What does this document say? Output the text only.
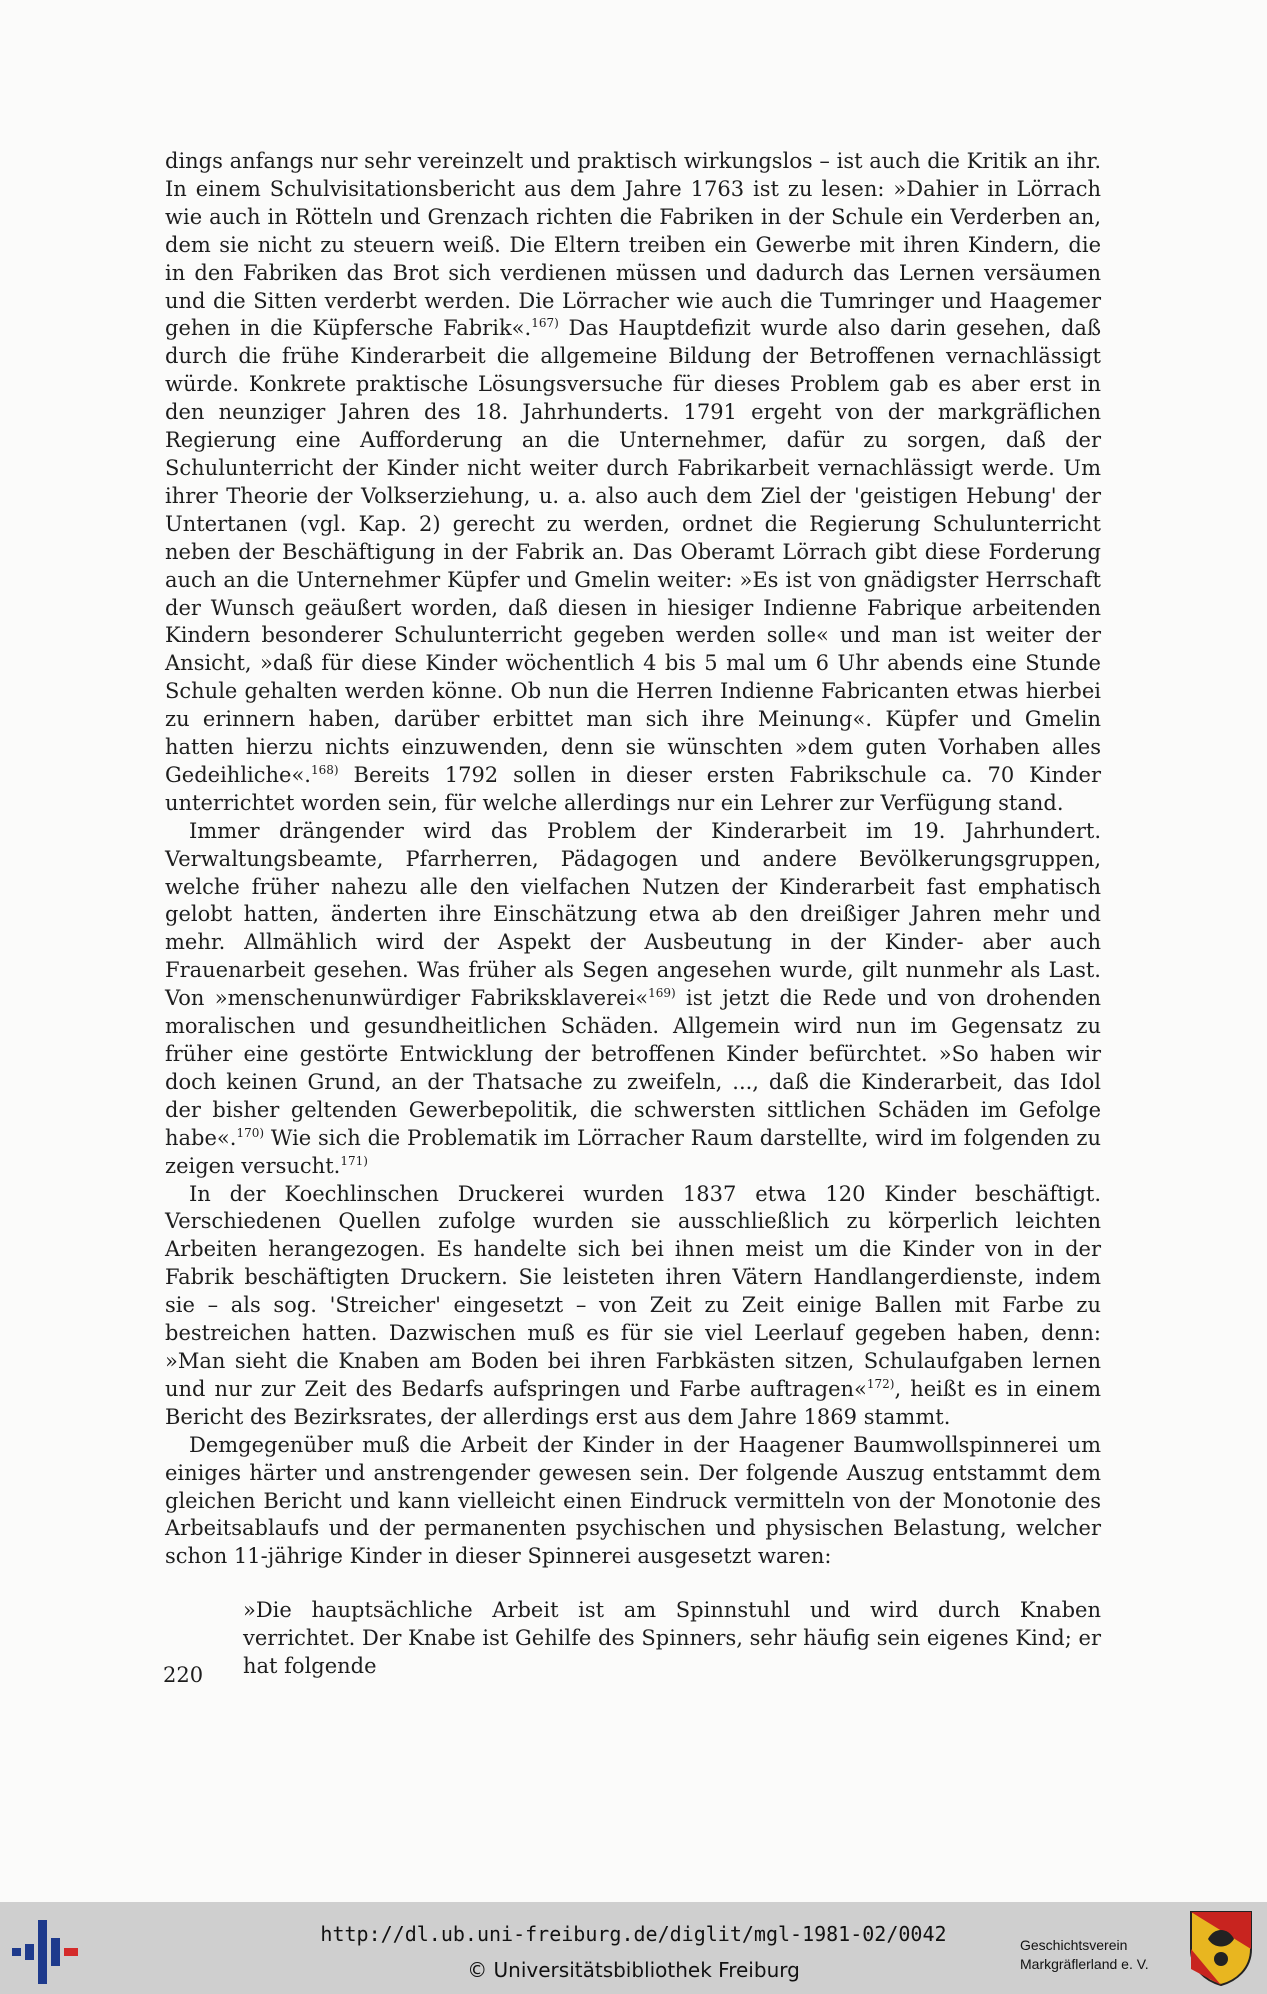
dings anfangs nur sehr vereinzelt und praktisch wirkungslos – ist auch die Kritik an ihr. In einem Schulvisitationsbericht aus dem Jahre 1763 ist zu lesen: »Dahier in Lörrach wie auch in Rötteln und Grenzach richten die Fabriken in der Schule ein Verderben an, dem sie nicht zu steuern weiß. Die Eltern treiben ein Gewerbe mit ihren Kindern, die in den Fabriken das Brot sich verdienen müssen und dadurch das Lernen versäumen und die Sitten verderbt werden. Die Lörracher wie auch die Tumringer und Haagemer gehen in die Küpfersche Fabrik«.$^{167)}$ Das Hauptdefizit wurde also darin gesehen, daß durch die frühe Kinderarbeit die allgemeine Bildung der Betroffenen vernachlässigt würde. Konkrete praktische Lösungsversuche für dieses Problem gab es aber erst in den neunziger Jahren des 18. Jahrhunderts. 1791 ergeht von der markgräflichen Regierung eine Aufforderung an die Unternehmer, dafür zu sorgen, daß der Schulunterricht der Kinder nicht weiter durch Fabrikarbeit vernachlässigt werde. Um ihrer Theorie der Volkserziehung, u. a. also auch dem Ziel der 'geistigen Hebung' der Untertanen (vgl. Kap. 2) gerecht zu werden, ordnet die Regierung Schulunterricht neben der Beschäftigung in der Fabrik an. Das Oberamt Lörrach gibt diese Forderung auch an die Unternehmer Küpfer und Gmelin weiter: »Es ist von gnädigster Herrschaft der Wunsch geäußert worden, daß diesen in hiesiger Indienne Fabrique arbeitenden Kindern besonderer Schulunterricht gegeben werden solle« und man ist weiter der Ansicht, »daß für diese Kinder wöchentlich 4 bis 5 mal um 6 Uhr abends eine Stunde Schule gehalten werden könne. Ob nun die Herren Indienne Fabricanten etwas hierbei zu erinnern haben, darüber erbittet man sich ihre Meinung«. Küpfer und Gmelin hatten hierzu nichts einzuwenden, denn sie wünschten »dem guten Vorhaben alles Gedeihliche«.$^{168)}$ Bereits 1792 sollen in dieser ersten Fabrikschule ca. 70 Kinder unterrichtet worden sein, für welche allerdings nur ein Lehrer zur Verfügung stand.

Immer drängender wird das Problem der Kinderarbeit im 19. Jahrhundert. Verwaltungsbeamte, Pfarrherren, Pädagogen und andere Bevölkerungsgruppen, welche früher nahezu alle den vielfachen Nutzen der Kinderarbeit fast emphatisch gelobt hatten, änderten ihre Einschätzung etwa ab den dreißiger Jahren mehr und mehr. Allmählich wird der Aspekt der Ausbeutung in der Kinder- aber auch Frauenarbeit gesehen. Was früher als Segen angesehen wurde, gilt nunmehr als Last. Von »menschenunwürdiger Fabriksklaverei«$^{169)}$ ist jetzt die Rede und von drohenden moralischen und gesundheitlichen Schäden. Allgemein wird nun im Gegensatz zu früher eine gestörte Entwicklung der betroffenen Kinder befürchtet. »So haben wir doch keinen Grund, an der Thatsache zu zweifeln, ..., daß die Kinderarbeit, das Idol der bisher geltenden Gewerbepolitik, die schwersten sittlichen Schäden im Gefolge habe«.$^{170)}$ Wie sich die Problematik im Lörracher Raum darstellte, wird im folgenden zu zeigen versucht.$^{171)}$

In der Koechlinschen Druckerei wurden 1837 etwa 120 Kinder beschäftigt. Verschiedenen Quellen zufolge wurden sie ausschließlich zu körperlich leichten Arbeiten herangezogen. Es handelte sich bei ihnen meist um die Kinder von in der Fabrik beschäftigten Druckern. Sie leisteten ihren Vätern Handlangerdienste, indem sie – als sog. 'Streicher' eingesetzt – von Zeit zu Zeit einige Ballen mit Farbe zu bestreichen hatten. Dazwischen muß es für sie viel Leerlauf gegeben haben, denn: »Man sieht die Knaben am Boden bei ihren Farbkästen sitzen, Schulaufgaben lernen und nur zur Zeit des Bedarfs aufspringen und Farbe auftragen«$^{172)}$, heißt es in einem Bericht des Bezirksrates, der allerdings erst aus dem Jahre 1869 stammt.

Demgegenüber muß die Arbeit der Kinder in der Haagener Baumwollspinnerei um einiges härter und anstrengender gewesen sein. Der folgende Auszug entstammt dem gleichen Bericht und kann vielleicht einen Eindruck vermitteln von der Monotonie des Arbeitsablaufs und der permanenten psychischen und physischen Belastung, welcher schon 11-jährige Kinder in dieser Spinnerei ausgesetzt waren:

»Die hauptsächliche Arbeit ist am Spinnstuhl und wird durch Knaben verrichtet. Der Knabe ist Gehilfe des Spinners, sehr häufig sein eigenes Kind; er hat folgende

220
http://dl.ub.uni-freiburg.de/diglit/mgl-1981-02/0042
© Universitätsbibliothek Freiburg
Geschichtsverein
Markgräflerland e. V.
